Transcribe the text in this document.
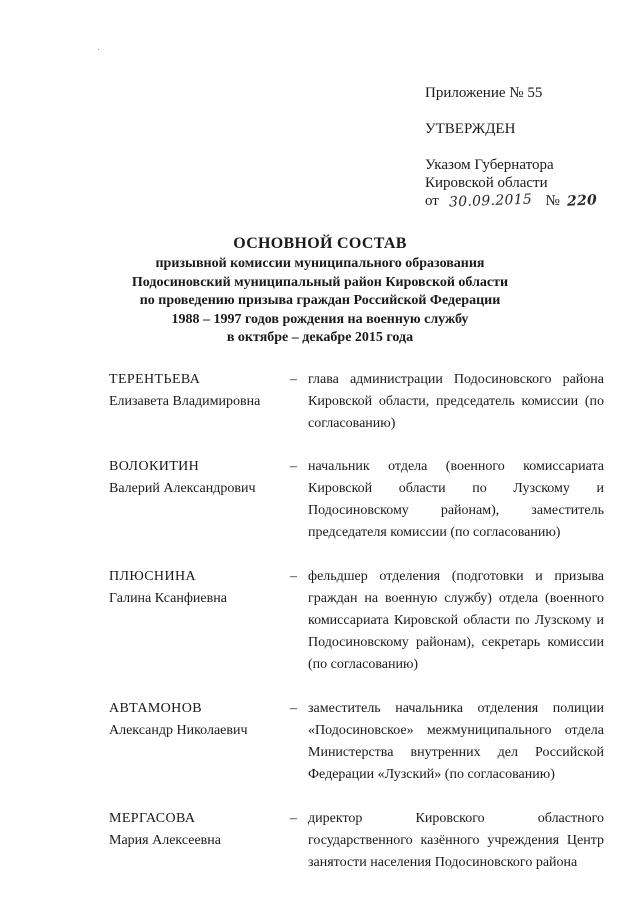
Приложение № 55
УТВЕРЖДЕН
Указом Губернатора
Кировской области
от 30.09.2015 № 220
ОСНОВНОЙ СОСТАВ
призывной комиссии муниципального образования
Подосиновский муниципальный район Кировской области
по проведению призыва граждан Российской Федерации
1988 – 1997 годов рождения на военную службу
в октябре – декабре 2015 года
ТЕРЕНТЬЕВА
Елизавета Владимировна
– глава администрации Подосиновского района Кировской области, председатель комиссии (по согласованию)
ВОЛОКИТИН
Валерий Александрович
– начальник отдела (военного комиссариата Кировской области по Лузскому и Подосиновскому районам), заместитель председателя комиссии (по согласованию)
ПЛЮСНИНА
Галина Ксанфиевна
– фельдшер отделения (подготовки и призыва граждан на военную службу) отдела (военного комиссариата Кировской области по Лузскому и Подосиновскому районам), секретарь комиссии (по согласованию)
АВТАМОНОВ
Александр Николаевич
– заместитель начальника отделения полиции «Подосиновское» межмуниципального отдела Министерства внутренних дел Российской Федерации «Лузский» (по согласованию)
МЕРГАСОВА
Мария Алексеевна
– директор Кировского областного государственного казённого учреждения Центр занятости населения Подосиновского района
